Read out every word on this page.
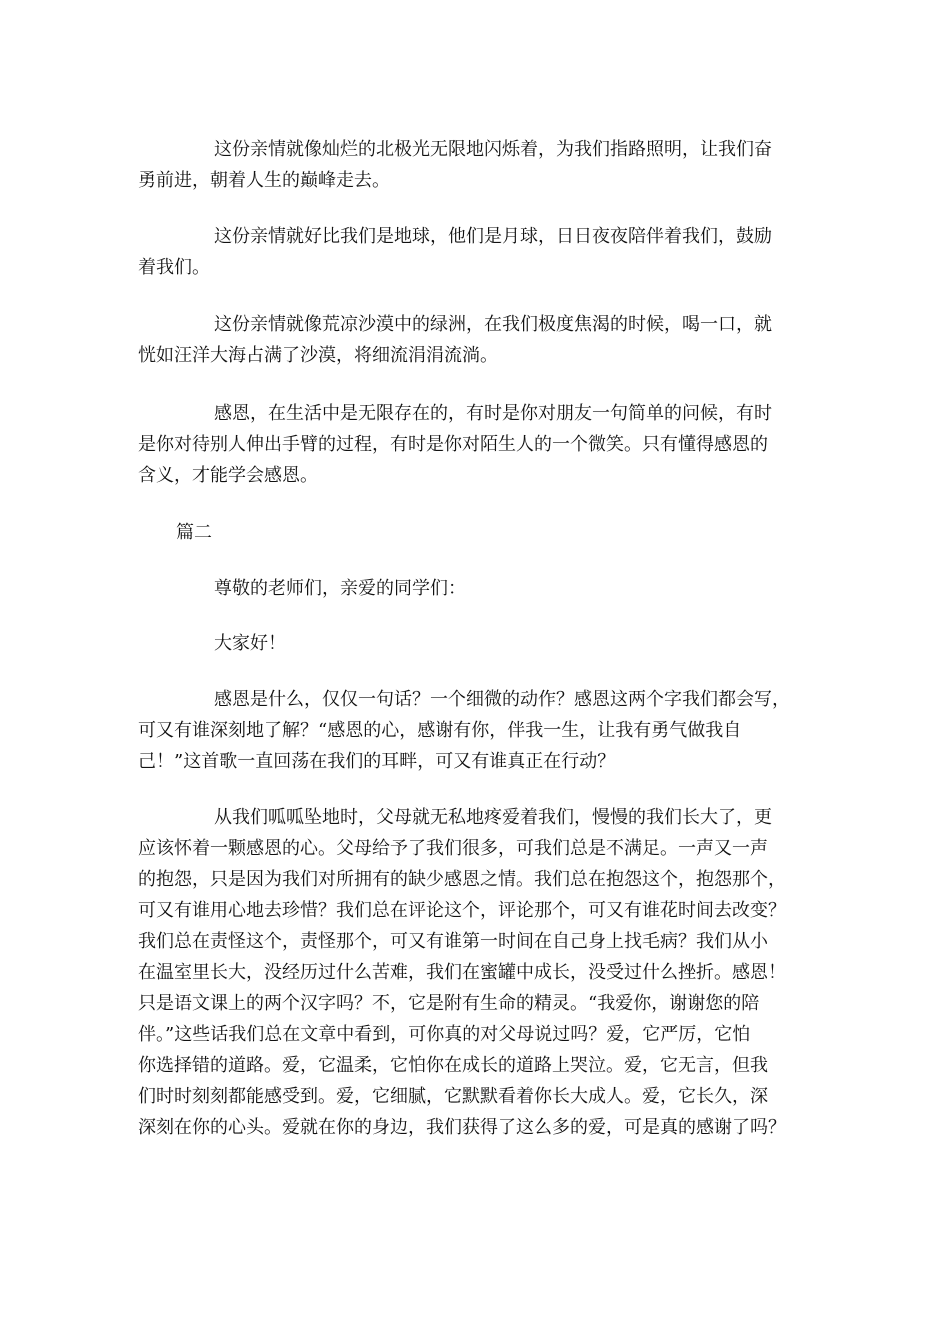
这份亲情就像灿烂的北极光无限地闪烁着，为我们指路照明，让我们奋
勇前进，朝着人生的巅峰走去。

这份亲情就好比我们是地球，他们是月球，日日夜夜陪伴着我们，鼓励
着我们。

这份亲情就像荒凉沙漠中的绿洲，在我们极度焦渴的时候，喝一口，就
恍如汪洋大海占满了沙漠，将细流涓涓流淌。

感恩，在生活中是无限存在的，有时是你对朋友一句简单的问候，有时
是你对待别人伸出手臂的过程，有时是你对陌生人的一个微笑。只有懂得感恩的
含义，才能学会感恩。

篇二

尊敬的老师们，亲爱的同学们：

大家好！

感恩是什么，仅仅一句话？一个细微的动作？感恩这两个字我们都会写，
可又有谁深刻地了解？“感恩的心，感谢有你，伴我一生，让我有勇气做我自
己！”这首歌一直回荡在我们的耳畔，可又有谁真正在行动？

从我们呱呱坠地时，父母就无私地疼爱着我们，慢慢的我们长大了，更
应该怀着一颗感恩的心。父母给予了我们很多，可我们总是不满足。一声又一声
的抱怨，只是因为我们对所拥有的缺少感恩之情。我们总在抱怨这个，抱怨那个，
可又有谁用心地去珍惜？我们总在评论这个，评论那个，可又有谁花时间去改变？
我们总在责怪这个，责怪那个，可又有谁第一时间在自己身上找毛病？我们从小
在温室里长大，没经历过什么苦难，我们在蜜罐中成长，没受过什么挫折。感恩！
只是语文课上的两个汉字吗？不，它是附有生命的精灵。“我爱你，谢谢您的陪
伴。”这些话我们总在文章中看到，可你真的对父母说过吗？爱，它严厉，它怕
你选择错的道路。爱，它温柔，它怕你在成长的道路上哭泣。爱，它无言，但我
们时时刻刻都能感受到。爱，它细腻，它默默看着你长大成人。爱，它长久，深
深刻在你的心头。爱就在你的身边，我们获得了这么多的爱，可是真的感谢了吗？
